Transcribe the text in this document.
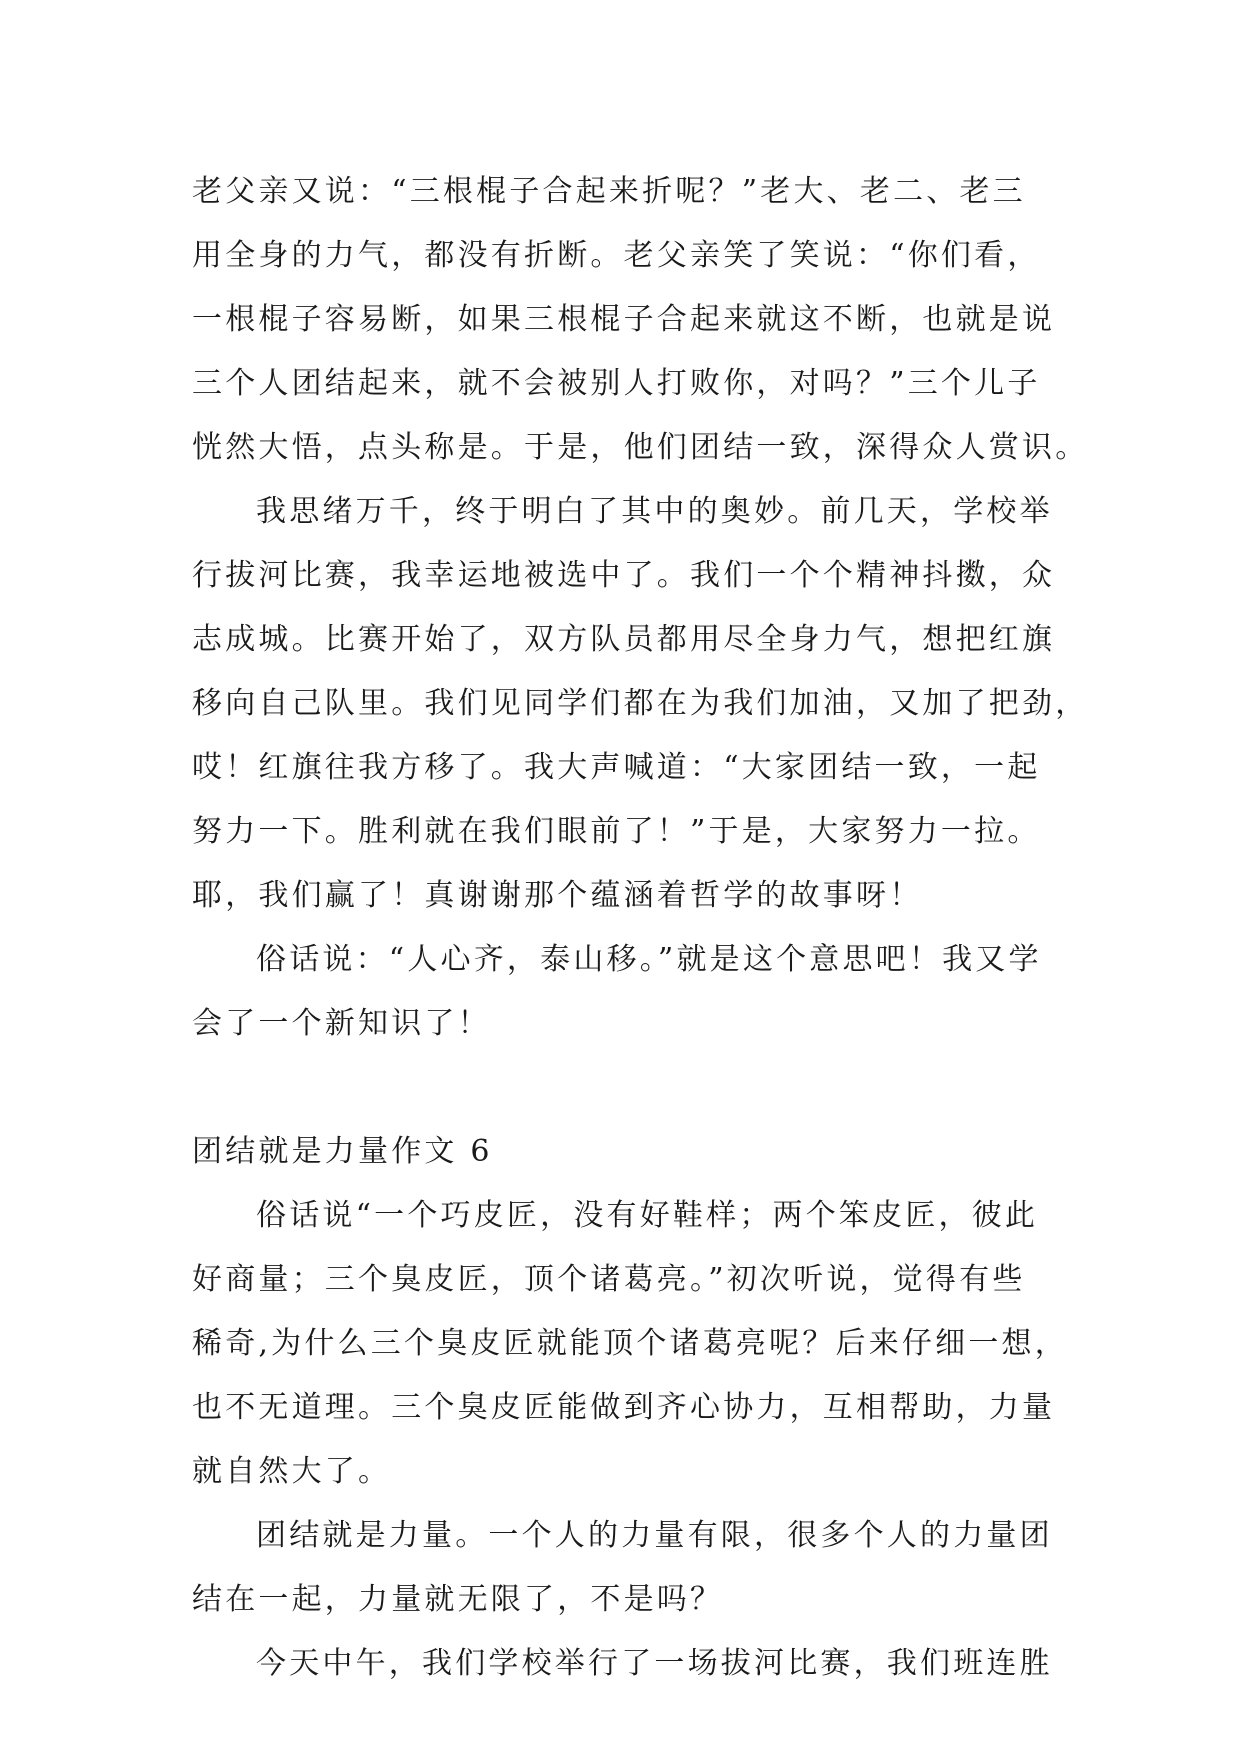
老父亲又说：“三根棍子合起来折呢？”老大、老二、老三
用全身的力气，都没有折断。老父亲笑了笑说：“你们看，
一根棍子容易断，如果三根棍子合起来就这不断，也就是说
三个人团结起来，就不会被别人打败你，对吗？”三个儿子
恍然大悟，点头称是。于是，他们团结一致，深得众人赏识。
我思绪万千，终于明白了其中的奥妙。前几天，学校举
行拔河比赛，我幸运地被选中了。我们一个个精神抖擞，众
志成城。比赛开始了，双方队员都用尽全身力气，想把红旗
移向自己队里。我们见同学们都在为我们加油，又加了把劲，
哎！红旗往我方移了。我大声喊道：“大家团结一致，一起
努力一下。胜利就在我们眼前了！”于是，大家努力一拉。
耶，我们赢了！真谢谢那个蕴涵着哲学的故事呀！
俗话说：“人心齐，泰山移。”就是这个意思吧！我又学
会了一个新知识了！
团结就是力量作文 6
俗话说“一个巧皮匠，没有好鞋样；两个笨皮匠，彼此
好商量；三个臭皮匠，顶个诸葛亮。”初次听说，觉得有些
稀奇,为什么三个臭皮匠就能顶个诸葛亮呢？后来仔细一想，
也不无道理。三个臭皮匠能做到齐心协力，互相帮助，力量
就自然大了。
团结就是力量。一个人的力量有限，很多个人的力量团
结在一起，力量就无限了，不是吗？
今天中午，我们学校举行了一场拔河比赛，我们班连胜
